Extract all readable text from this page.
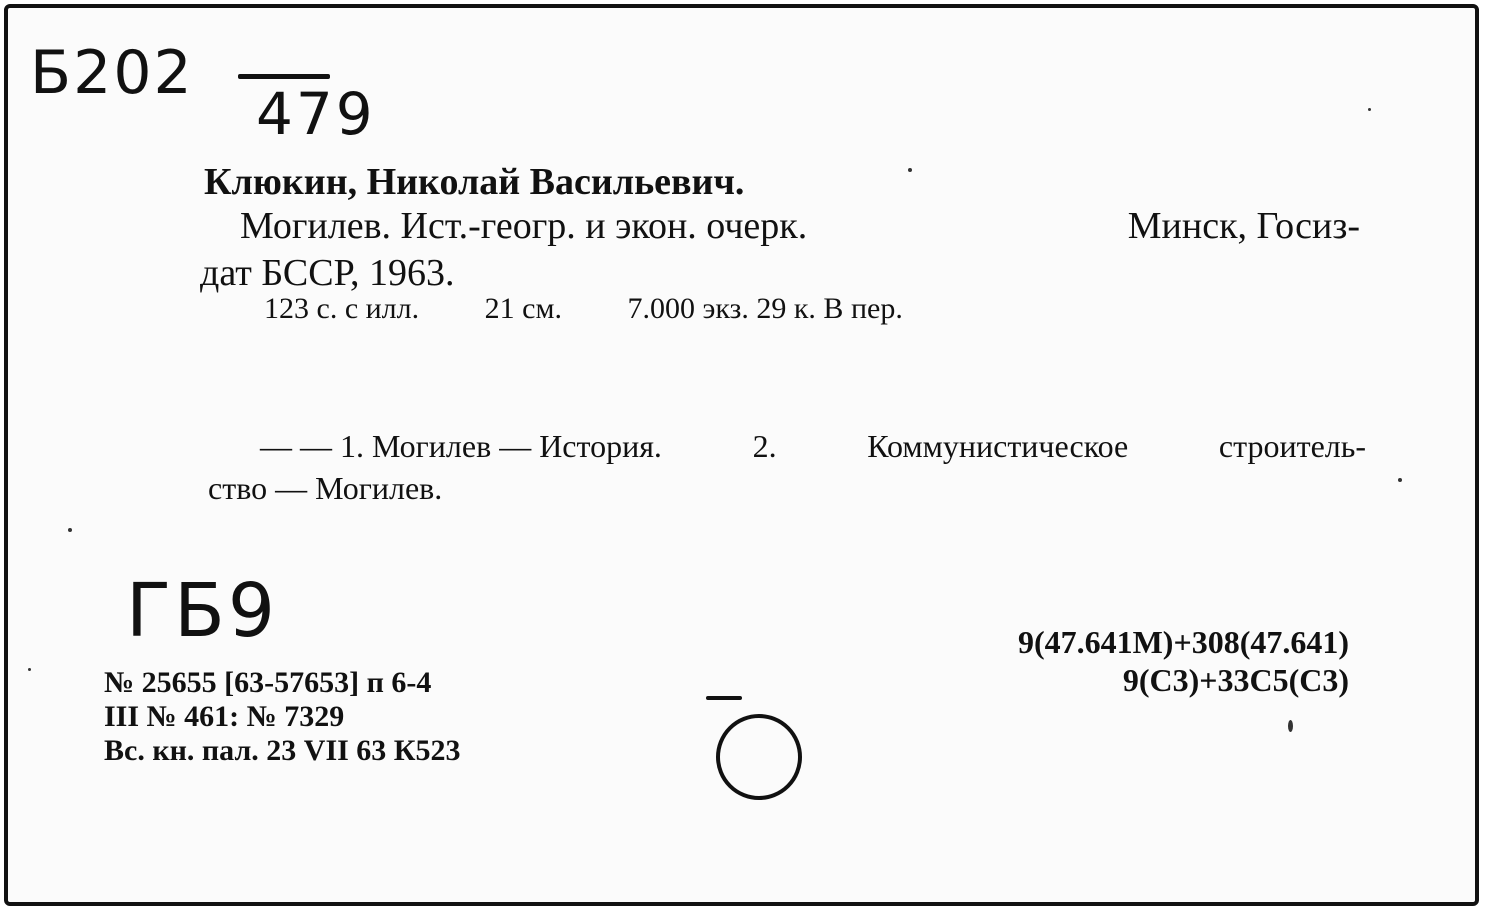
Б202
479
Клюкин, Николай Васильевич.
Могилев. Ист.-геогр. и экон. очерк.	Минск, Госиз-
дат БССР, 1963.
123 с. с илл. 21 см. 7.000 экз. 29 к. В пер.
— — 1. Могилев — История.	2.	Коммунистическое	строитель-
ство — Могилев.
ГБ9	9(47.641М)+308(47.641)
9(С3)+33С5(С3)
№ 25655 [63-57653] п 6-4
III № 461: № 7329
Вс. кн. пал. 23 VII 63 К523
